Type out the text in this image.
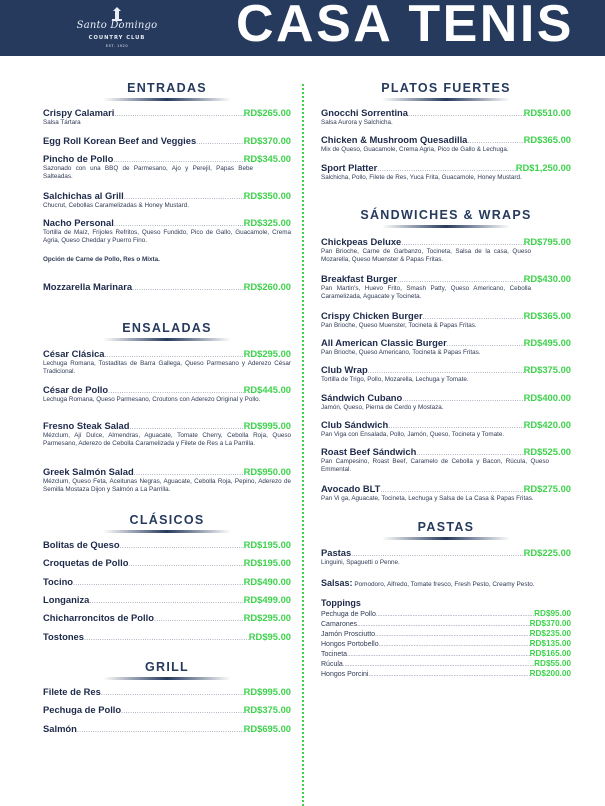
Santo Domingo
COUNTRY CLUB
EST. 1920	CASA TENIS
ENTRADAS
Crispy Calamari .....	RD$265.00
Salsa Tártara
Egg Roll Korean Beef and Veggies .....	RD$370.00
Pincho de Pollo .....	RD$345.00
Sazonado con una BBQ de Parmesano, Ajo y Perejil, Papas Bebe Salteadas.
Salchichas al Grill .....	RD$350.00
Chucrut, Cebollas Caramelizadas & Honey Mustard.
Nacho Personal .....	RD$325.00
Tortilla de Maíz, Frijoles Refritos, Queso Fundido, Pico de Gallo, Guacamole, Crema Agria, Queso Cheddar y Puerro Fino.
Opción de Carne de Pollo, Res o Mixta.
Mozzarella Marinara .....	RD$260.00
ENSALADAS
César Clásica .....	RD$295.00
Lechuga Romana, Tostaditas de Barra Gallega, Queso Parmesano y Aderezo César Tradicional.
César de Pollo .....	RD$445.00
Lechuga Romana, Queso Parmesano, Croutons con Aderezo Original y Pollo.
Fresno Steak Salad .....	RD$995.00
Mézclum, Ají Dulce, Almendras, Aguacate, Tomate Cherry, Cebolla Roja, Queso Parmesano, Aderezo de Cebolla Caramelizada y Filete de Res a La Parrilla.
Greek Salmón Salad .....	RD$950.00
Mézclum, Queso Feta, Aceitunas Negras, Aguacate, Cebolla Roja, Pepino, Aderezo de Semilla Mostaza Dijon y Salmón a La Parrilla.
CLÁSICOS
Bolitas de Queso .....	RD$195.00
Croquetas de Pollo .....	RD$195.00
Tocino .....	RD$490.00
Longaniza .....	RD$499.00
Chicharroncitos de Pollo .....	RD$295.00
Tostones .....	RD$95.00
GRILL
Filete de Res .....	RD$995.00
Pechuga de Pollo .....	RD$375.00
Salmón .....	RD$695.00
PLATOS FUERTES
Gnocchi Sorrentina .....	RD$510.00
Salsa Aurora y Salchicha.
Chicken & Mushroom Quesadilla .....	RD$365.00
Mix de Queso, Guacamole, Crema Agria, Pico de Gallo & Lechuga.
Sport Platter .....	RD$1,250.00
Salchicha, Pollo, Filete de Res, Yuca Frita, Guacamole, Honey Mustard.
SÁNDWICHES & WRAPS
Chickpeas Deluxe .....	RD$795.00
Pan Brioche, Carne de Garbanzo, Tocineta, Salsa de la casa, Queso Mozarella, Queso Muenster & Papas Fritas.
Breakfast Burger .....	RD$430.00
Pan Martin's, Huevo Frito, Smash Patty, Queso Americano, Cebolla Caramelizada, Aguacate y Tocineta.
Crispy Chicken Burger .....	RD$365.00
Pan Brioche, Queso Muenster, Tocineta & Papas Fritas.
All American Classic Burger .....	RD$495.00
Pan Brioche, Queso Americano, Tocineta & Papas Fritas.
Club Wrap .....	RD$375.00
Tortilla de Trigo, Pollo, Mozarella, Lechuga y Tomate.
Sándwich Cubano .....	RD$400.00
Jamón, Queso, Pierna de Cerdo y Mostaza.
Club Sándwich .....	RD$420.00
Pan Viga con Ensalada, Pollo, Jamón, Queso, Tocineta y Tomate.
Roast Beef Sándwich .....	RD$525.00
Pan Campesino, Roast Beef, Caramelo de Cebolla y Bacon, Rúcula, Queso Emmental.
Avocado BLT .....	RD$275.00
Pan Vi ga, Aguacate, Tocineta, Lechuga y Salsa de La Casa & Papas Fritas.
PASTAS
Pastas .....	RD$225.00
Linguini, Spaguetti o Penne.
Salsas: Pomodoro, Alfredo, Tomate fresco, Fresh Pesto, Creamy Pesto.
Toppings
Pechuga de Pollo .....	RD$95.00
Camarones .....	RD$370.00
Jamón Prosciutto .....	RD$235.00
Hongos Portobello .....	RD$135.00
Tocineta .....	RD$165.00
Rúcula .....	RD$55.00
Hongos Porcini .....	RD$200.00
